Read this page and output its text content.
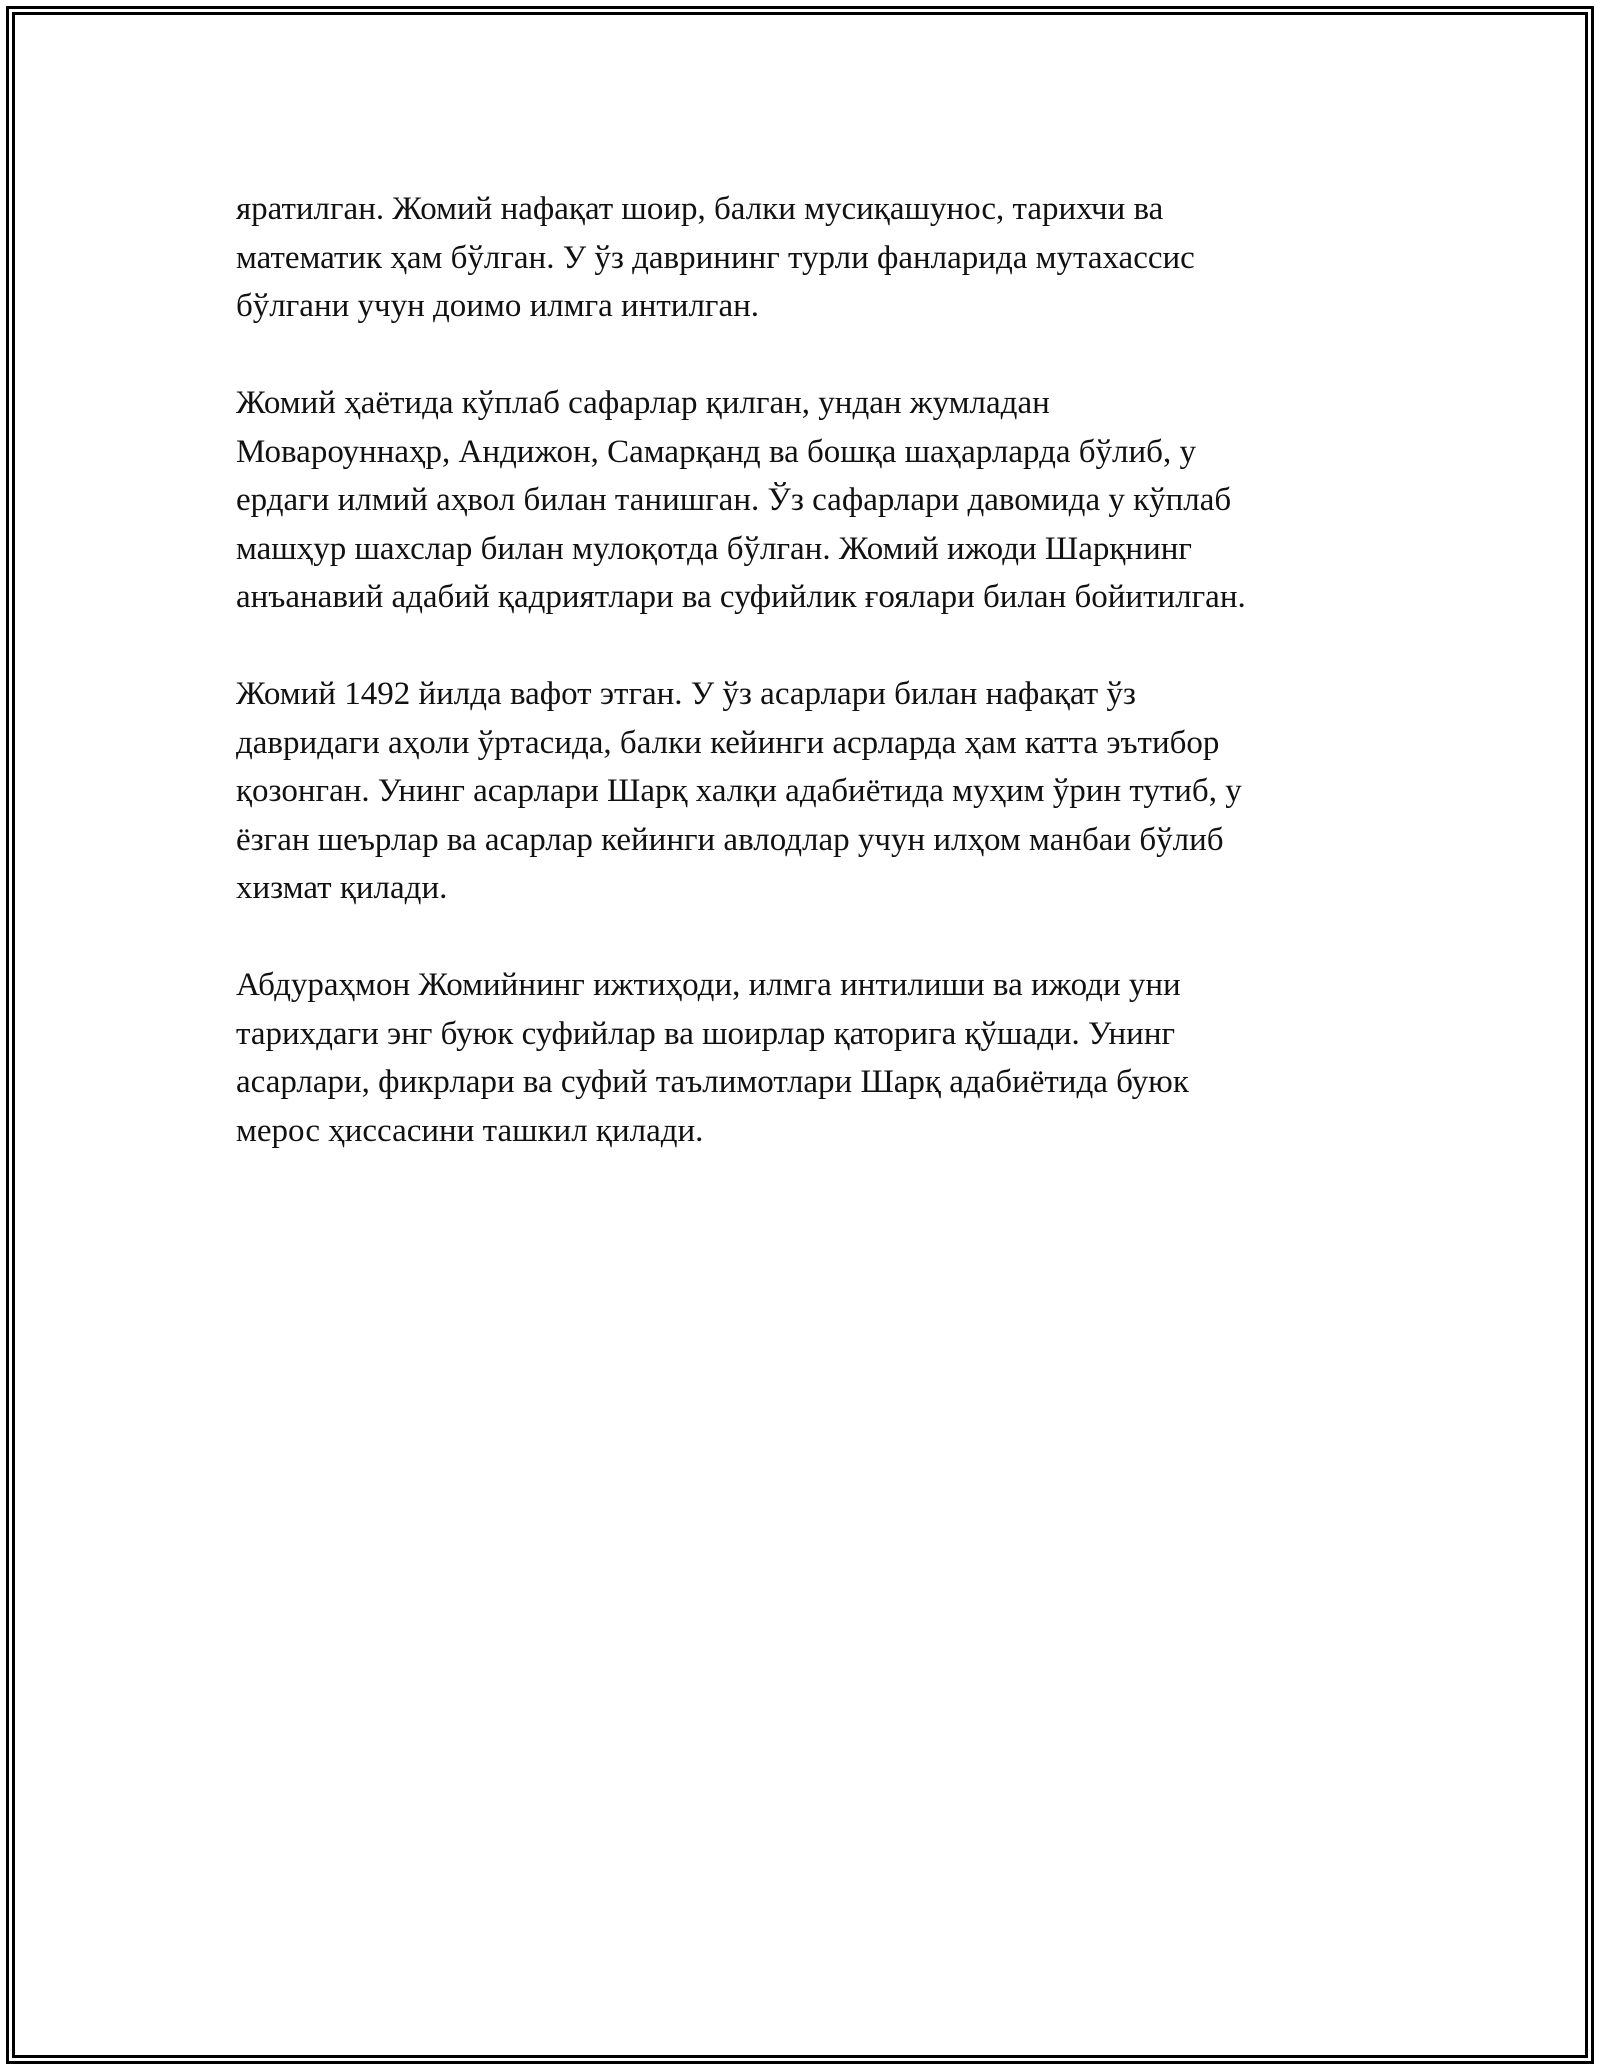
яратилган. Жомий нафақат шоир, балки мусиқашунос, тарихчи ва
математик ҳам бўлган. У ўз даврининг турли фанларида мутахассис
бўлгани учун доимо илмга интилган.

Жомий ҳаётида кўплаб сафарлар қилган, ундан жумладан
Мовароуннаҳр, Андижон, Самарқанд ва бошқа шаҳарларда бўлиб, у
ердаги илмий аҳвол билан танишган. Ўз сафарлари давомида у кўплаб
машҳур шахслар билан мулоқотда бўлган. Жомий ижоди Шарқнинг
анъанавий адабий қадриятлари ва суфийлик ғоялари билан бойитилган.

Жомий 1492 йилда вафот этган. У ўз асарлари билан нафақат ўз
давридаги аҳоли ўртасида, балки кейинги асрларда ҳам катта эътибор
қозонган. Унинг асарлари Шарқ халқи адабиётида муҳим ўрин тутиб, у
ёзган шеърлар ва асарлар кейинги авлодлар учун илҳом манбаи бўлиб
хизмат қилади.

Абдураҳмон Жомийнинг ижтиҳоди, илмга интилиши ва ижоди уни
тарихдаги энг буюк суфийлар ва шоирлар қаторига қўшади. Унинг
асарлари, фикрлари ва суфий таълимотлари Шарқ адабиётида буюк
мерос ҳиссасини ташкил қилади.
